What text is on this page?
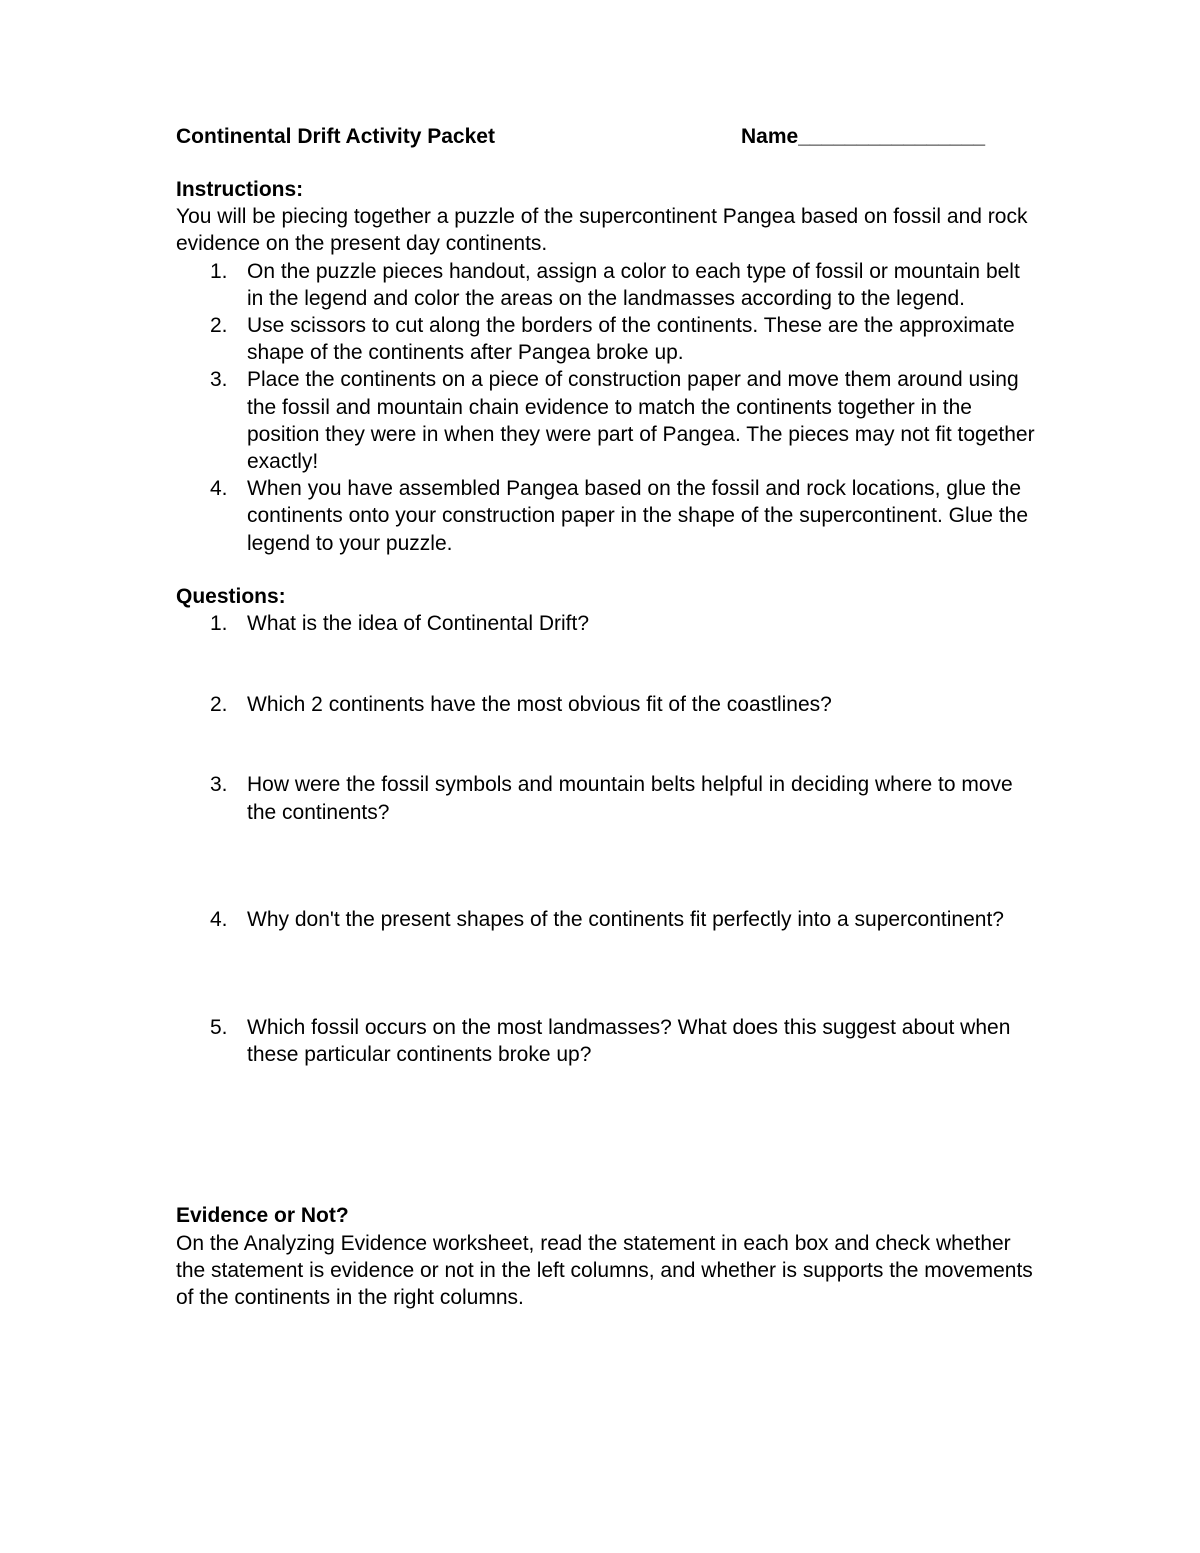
Continental Drift Activity Packet	Name________________

Instructions:

You will be piecing together a puzzle of the supercontinent Pangea based on fossil and rock evidence on the present day continents.

1. On the puzzle pieces handout, assign a color to each type of fossil or mountain belt in the legend and color the areas on the landmasses according to the legend.
2. Use scissors to cut along the borders of the continents. These are the approximate shape of the continents after Pangea broke up.
3. Place the continents on a piece of construction paper and move them around using the fossil and mountain chain evidence to match the continents together in the position they were in when they were part of Pangea. The pieces may not fit together exactly!
4. When you have assembled Pangea based on the fossil and rock locations, glue the continents onto your construction paper in the shape of the supercontinent. Glue the legend to your puzzle.

Questions:

1. What is the idea of Continental Drift?
2. Which 2 continents have the most obvious fit of the coastlines?
3. How were the fossil symbols and mountain belts helpful in deciding where to move the continents?
4. Why don't the present shapes of the continents fit perfectly into a supercontinent?
5. Which fossil occurs on the most landmasses? What does this suggest about when these particular continents broke up?

Evidence or Not?

On the Analyzing Evidence worksheet, read the statement in each box and check whether the statement is evidence or not in the left columns, and whether is supports the movements of the continents in the right columns.
